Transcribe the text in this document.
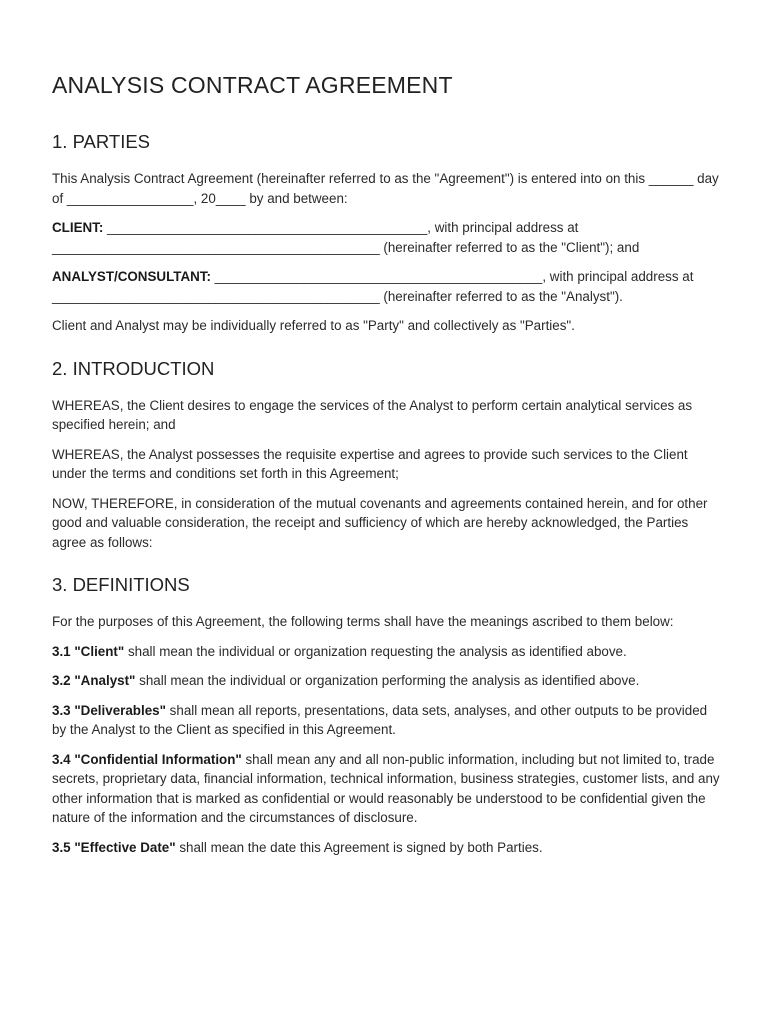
ANALYSIS CONTRACT AGREEMENT
1. PARTIES

This Analysis Contract Agreement (hereinafter referred to as the "Agreement") is entered into on this ______ day of _________________, 20____ by and between:

CLIENT: ___________________________________________, with principal address at ____________________________________________ (hereinafter referred to as the "Client"); and

ANALYST/CONSULTANT: ____________________________________________, with principal address at ____________________________________________ (hereinafter referred to as the "Analyst").

Client and Analyst may be individually referred to as "Party" and collectively as "Parties".

2. INTRODUCTION

WHEREAS, the Client desires to engage the services of the Analyst to perform certain analytical services as specified herein; and

WHEREAS, the Analyst possesses the requisite expertise and agrees to provide such services to the Client under the terms and conditions set forth in this Agreement;

NOW, THEREFORE, in consideration of the mutual covenants and agreements contained herein, and for other good and valuable consideration, the receipt and sufficiency of which are hereby acknowledged, the Parties agree as follows:

3. DEFINITIONS

For the purposes of this Agreement, the following terms shall have the meanings ascribed to them below:

3.1 "Client" shall mean the individual or organization requesting the analysis as identified above.

3.2 "Analyst" shall mean the individual or organization performing the analysis as identified above.

3.3 "Deliverables" shall mean all reports, presentations, data sets, analyses, and other outputs to be provided by the Analyst to the Client as specified in this Agreement.

3.4 "Confidential Information" shall mean any and all non-public information, including but not limited to, trade secrets, proprietary data, financial information, technical information, business strategies, customer lists, and any other information that is marked as confidential or would reasonably be understood to be confidential given the nature of the information and the circumstances of disclosure.

3.5 "Effective Date" shall mean the date this Agreement is signed by both Parties.
